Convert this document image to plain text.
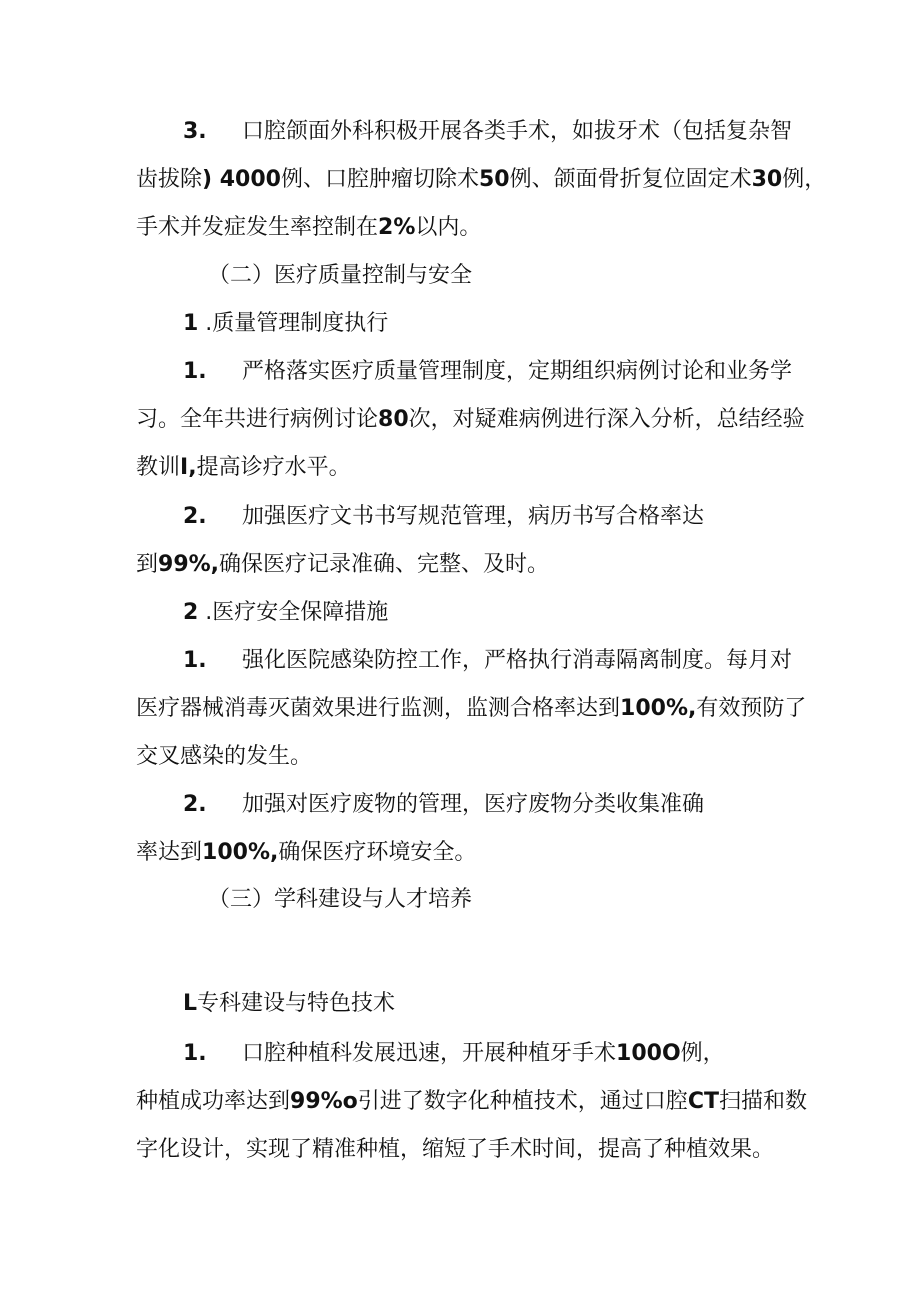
3. 口腔颌面外科积极开展各类手术，如拔牙术（包括复杂智
齿拔除) 4000例、口腔肿瘤切除术50例、颌面骨折复位固定术30例，
手术并发症发生率控制在2%以内。
（二）医疗质量控制与安全
1 .质量管理制度执行
1. 严格落实医疗质量管理制度，定期组织病例讨论和业务学
习。全年共进行病例讨论80次，对疑难病例进行深入分析，总结经验
教训I,提高诊疗水平。
2. 加强医疗文书书写规范管理，病历书写合格率达
到99%,确保医疗记录准确、完整、及时。
2 .医疗安全保障措施
1. 强化医院感染防控工作，严格执行消毒隔离制度。每月对
医疗器械消毒灭菌效果进行监测，监测合格率达到100%,有效预防了
交叉感染的发生。
2. 加强对医疗废物的管理，医疗废物分类收集准确
率达到100%,确保医疗环境安全。
（三）学科建设与人才培养
L专科建设与特色技术
1. 口腔种植科发展迅速，开展种植牙手术100O例，
种植成功率达到99%o引进了数字化种植技术，通过口腔CT扫描和数
字化设计，实现了精准种植，缩短了手术时间，提高了种植效果。
